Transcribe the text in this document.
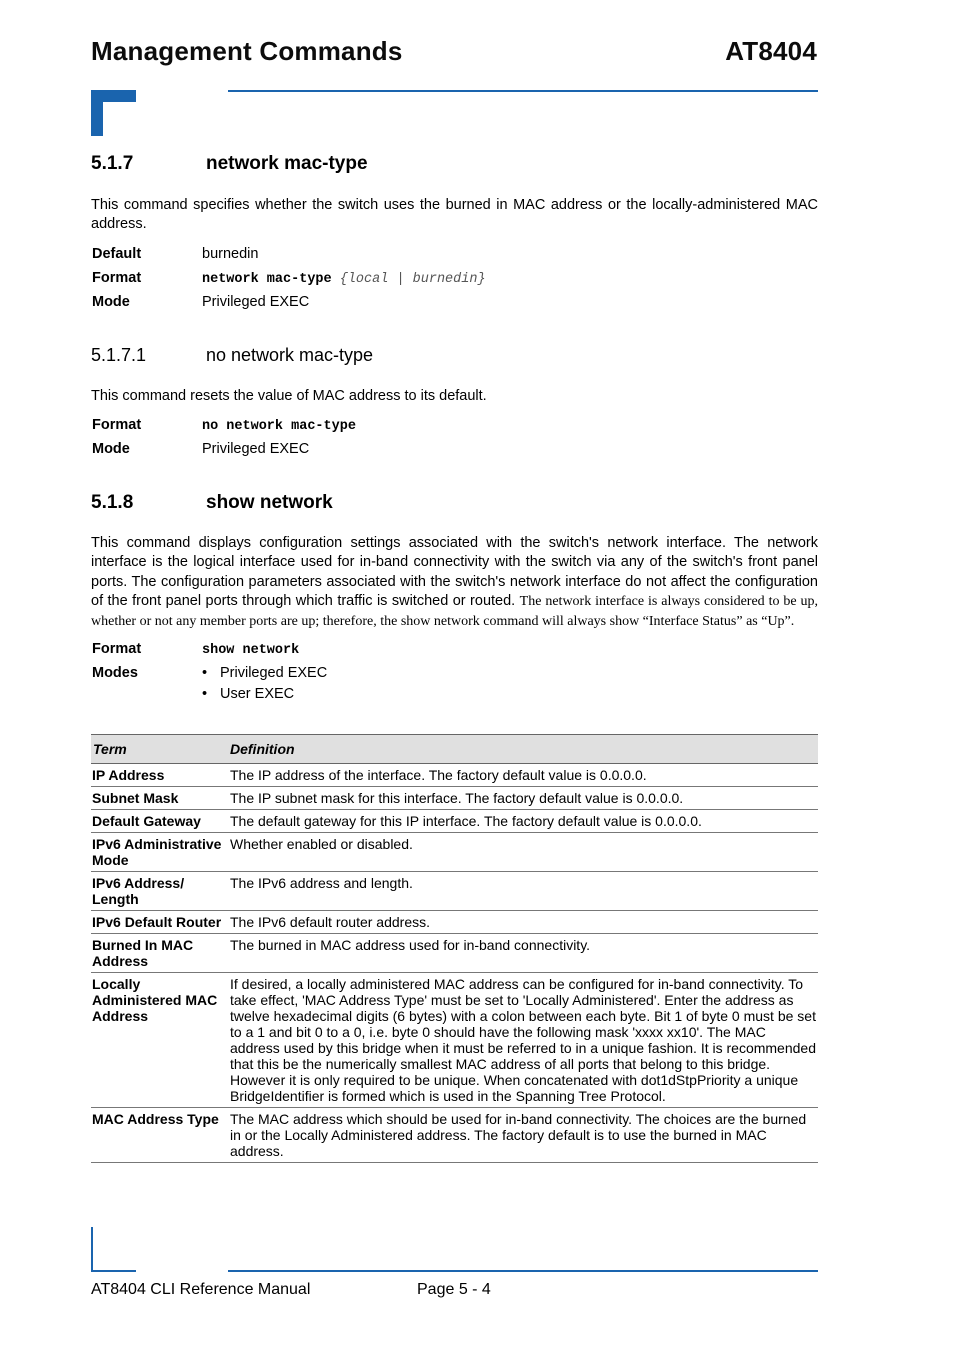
Management Commands	AT8404
5.1.7	network mac-type
This command specifies whether the switch uses the burned in MAC address or the locally-administered MAC address.
Default	burnedin
Format	network mac-type {local | burnedin}
Mode	Privileged EXEC
5.1.7.1	no network mac-type
This command resets the value of MAC address to its default.
Format	no network mac-type
Mode	Privileged EXEC
5.1.8	show network
This command displays configuration settings associated with the switch's network interface. The network interface is the logical interface used for in-band connectivity with the switch via any of the switch's front panel ports. The configuration parameters associated with the switch's network interface do not affect the configuration of the front panel ports through which traffic is switched or routed. The network interface is always considered to be up, whether or not any member ports are up; therefore, the show network command will always show “Interface Status” as “Up”.
Format	show network
Modes	• Privileged EXEC
• User EXEC
Term	Definition
IP Address	The IP address of the interface. The factory default value is 0.0.0.0.
Subnet Mask	The IP subnet mask for this interface. The factory default value is 0.0.0.0.
Default Gateway	The default gateway for this IP interface. The factory default value is 0.0.0.0.
IPv6 Administrative Mode	Whether enabled or disabled.
IPv6 Address/ Length	The IPv6 address and length.
IPv6 Default Router	The IPv6 default router address.
Burned In MAC Address	The burned in MAC address used for in-band connectivity.
Locally Administered MAC Address	If desired, a locally administered MAC address can be configured for in-band connectivity. To take effect, 'MAC Address Type' must be set to 'Locally Administered'. Enter the address as twelve hexadecimal digits (6 bytes) with a colon between each byte. Bit 1 of byte 0 must be set to a 1 and bit 0 to a 0, i.e. byte 0 should have the following mask 'xxxx xx10'. The MAC address used by this bridge when it must be referred to in a unique fashion. It is recommended that this be the numerically smallest MAC address of all ports that belong to this bridge. However it is only required to be unique. When concatenated with dot1dStpPriority a unique BridgeIdentifier is formed which is used in the Spanning Tree Protocol.
MAC Address Type	The MAC address which should be used for in-band connectivity. The choices are the burned in or the Locally Administered address. The factory default is to use the burned in MAC address.
AT8404 CLI Reference Manual	Page 5 - 4
